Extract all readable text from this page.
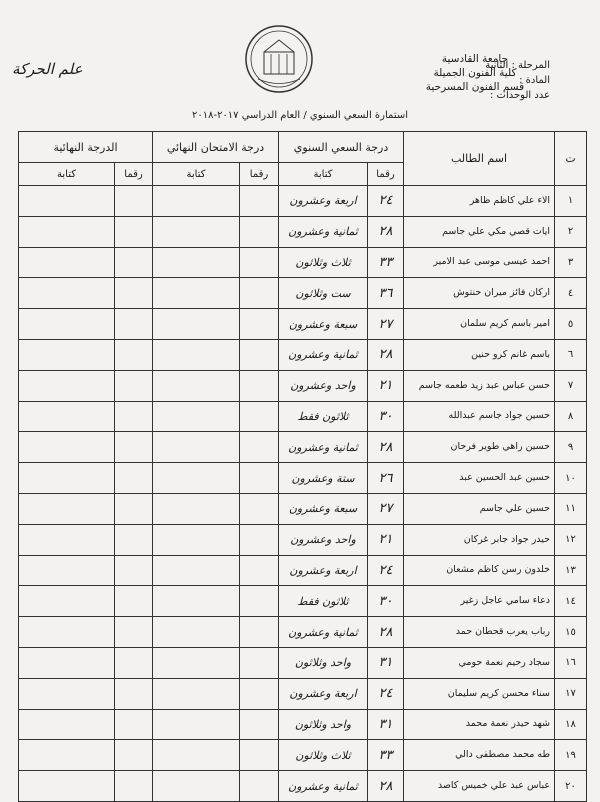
جامعة القادسية
كلية الفنون الجميلة
قسم الفنون المسرحية
المرحلة : الثانية
المادة :
عدد الوحدات :
علم الحركة
استمارة السعي السنوي / العام الدراسي ٢٠١٧-٢٠١٨
ت	اسم الطالب	درجة السعي السنوي		درجة الامتحان النهائي		الدرجة النهائية	
		رقما	كتابة	رقما	كتابة	رقما	كتابة
١	الاء علي كاظم ظاهر	٢٤	اربعة وعشرون				
٢	ايات قصي مكي علي جاسم	٢٨	ثمانية وعشرون				
٣	احمد عيسى موسى عبد الامير	٣٣	ثلاث وثلاثون				
٤	اركان فائز ميران حنتوش	٣٦	ست وثلاثون				
٥	امير باسم كريم سلمان	٢٧	سبعة وعشرون				
٦	باسم غانم كرو حنين	٢٨	ثمانية وعشرون				
٧	حسن عباس عبد زيد طعمه جاسم	٢١	واحد وعشرون				
٨	حسين جواد جاسم عبدالله	٣٠	ثلاثون فقط				
٩	حسين راهي طوير فرحان	٢٨	ثمانية وعشرون				
١٠	حسين عبد الحسين عبد	٢٦	ستة وعشرون				
١١	حسين علي جاسم	٢٧	سبعة وعشرون				
١٢	حيدر جواد جابر غركان	٢١	واحد وعشرون				
١٣	خلدون رسن كاظم مشعان	٢٤	اربعة وعشرون				
١٤	دعاء سامي عاجل زغير	٣٠	ثلاثون فقط				
١٥	رباب يعرب قحطان حمد	٢٨	ثمانية وعشرون				
١٦	سجاد رحيم نعمة حومي	٣١	واحد وثلاثون				
١٧	سناء محسن كريم سليمان	٢٤	اربعة وعشرون				
١٨	شهد حيدر نعمة محمد	٣١	واحد وثلاثون				
١٩	طه محمد مصطفى دالي	٣٣	ثلاث وثلاثون				
٢٠	عباس عبد علي خميس كاصد	٢٨	ثمانية وعشرون				
